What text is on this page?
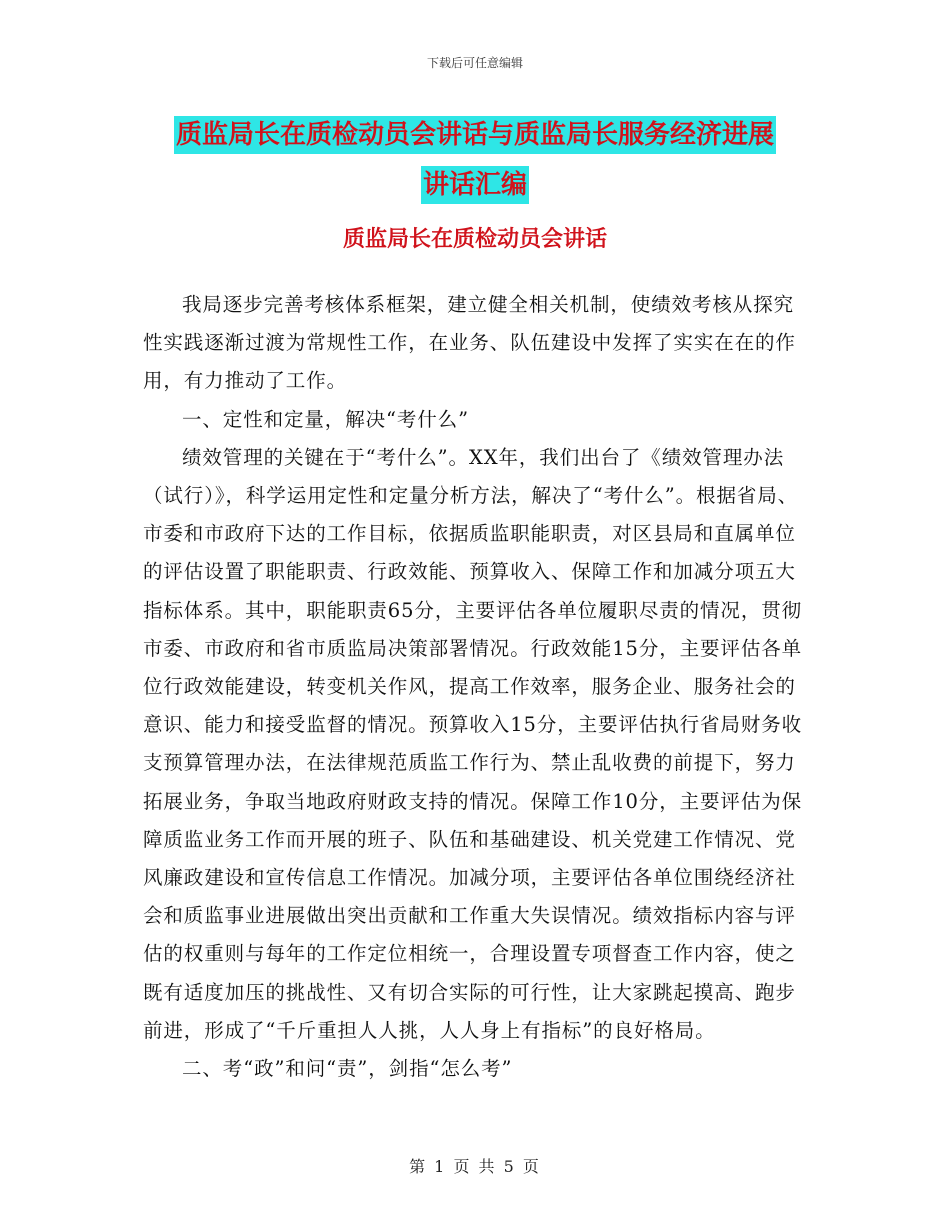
下载后可任意编辑
质监局长在质检动员会讲话与质监局长服务经济进展
讲话汇编
质监局长在质检动员会讲话

我局逐步完善考核体系框架，建立健全相关机制，使绩效考核从探究性实践逐渐过渡为常规性工作，在业务、队伍建设中发挥了实实在在的作用，有力推动了工作。

一、定性和定量，解决“考什么”

绩效管理的关键在于“考什么”。XX年，我们出台了《绩效管理办法（试行）》，科学运用定性和定量分析方法，解决了“考什么”。根据省局、市委和市政府下达的工作目标，依据质监职能职责，对区县局和直属单位的评估设置了职能职责、行政效能、预算收入、保障工作和加减分项五大指标体系。其中，职能职责65分，主要评估各单位履职尽责的情况，贯彻市委、市政府和省市质监局决策部署情况。行政效能15分，主要评估各单位行政效能建设，转变机关作风，提高工作效率，服务企业、服务社会的意识、能力和接受监督的情况。预算收入15分，主要评估执行省局财务收支预算管理办法，在法律规范质监工作行为、禁止乱收费的前提下，努力拓展业务，争取当地政府财政支持的情况。保障工作10分，主要评估为保障质监业务工作而开展的班子、队伍和基础建设、机关党建工作情况、党风廉政建设和宣传信息工作情况。加减分项，主要评估各单位围绕经济社会和质监事业进展做出突出贡献和工作重大失误情况。绩效指标内容与评估的权重则与每年的工作定位相统一，合理设置专项督查工作内容，使之既有适度加压的挑战性、又有切合实际的可行性，让大家跳起摸高、跑步前进，形成了“千斤重担人人挑，人人身上有指标”的良好格局。

二、考“政”和问“责”，剑指“怎么考”

第 1 页 共 5 页
